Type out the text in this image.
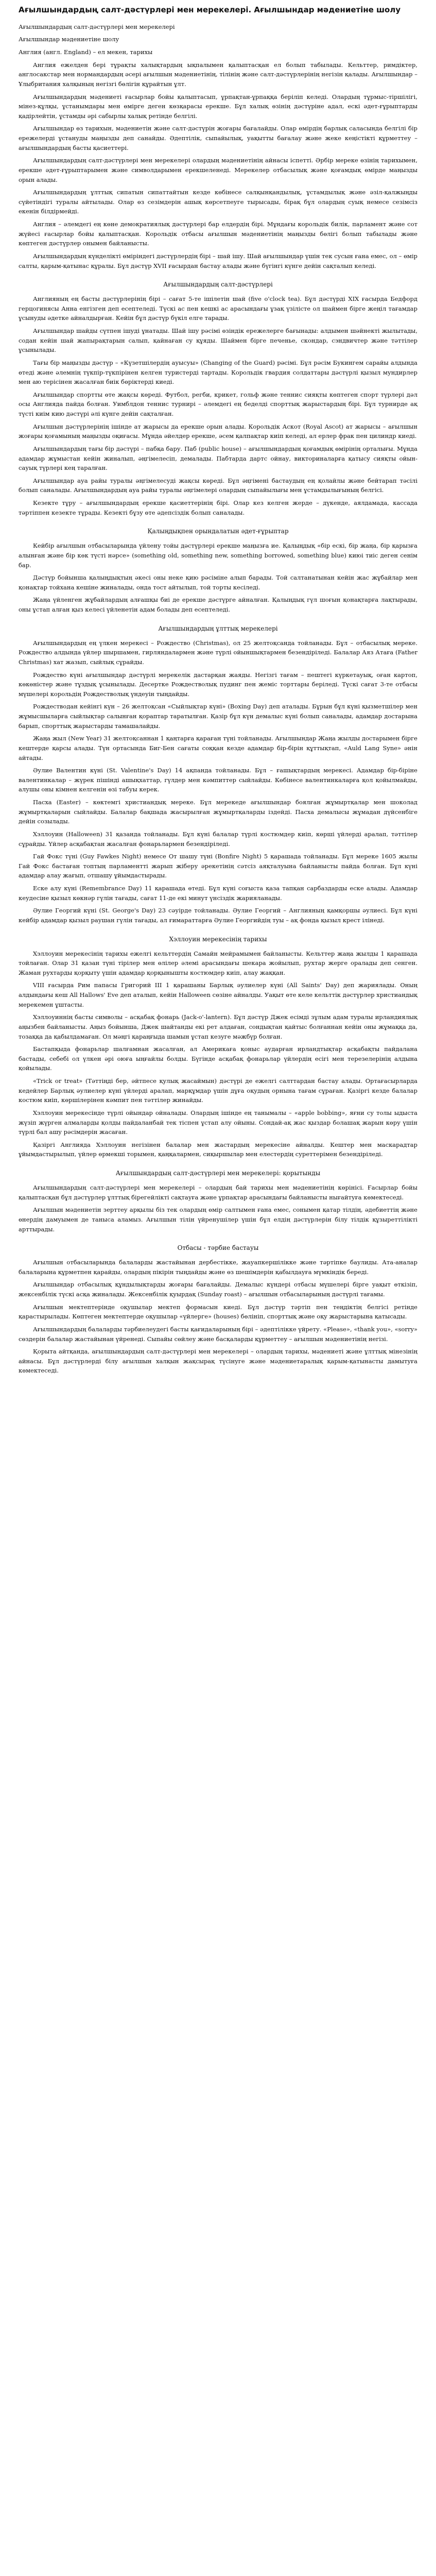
Ағылшындардың салт-дәстүрлері мен мерекелері. Ағылшындар мәдениетіне шолу

Ағылшындардың салт-дәстүрлері мен мерекелері

Ағылшындар мәдениетіне шолу

Англия (англ. England) – ел мекен, тарихы

Англия ежелден бері тұрақты халықтардың ықпалымен қалыптасқан ел болып табылады. Кельттер, римдіктер, англосакстар мен нормандардың әсері ағылшын мәдениетінің, тілінің және салт-дәстүрлерінің негізін қалады. Ағылшындар – Ұлыбритания халқының негізгі бөлігін құрайтын ұлт.

Ағылшындардың мәдениеті ғасырлар бойы қалыптасып, ұрпақтан-ұрпаққа беріліп келеді. Олардың тұрмыс-тіршілігі, мінез-құлқы, ұстанымдары мен өмірге деген көзқарасы ерекше. Бұл халық өзінің дәстүріне адал, ескі әдет-ғұрыптарды қадірлейтін, ұстамды әрі сабырлы халық ретінде белгілі.

Ағылшындар өз тарихын, мәдениетін және салт-дәстүрін жоғары бағалайды. Олар өмірдің барлық саласында белгілі бір ережелерді ұстануды маңызды деп санайды. Әдептілік, сыпайылық, уақытты бағалау және жеке кеңістікті құрметтеу – ағылшындардың басты қасиеттері.

Ағылшындардың салт-дәстүрлері мен мерекелері олардың мәдениетінің айнасы іспетті. Әрбір мереке өзінің тарихымен, ерекше әдет-ғұрыптарымен және символдарымен ерекшеленеді. Мерекелер отбасылық және қоғамдық өмірде маңызды орын алады.

Ағылшындардың ұлттық сипатын сипаттайтын кезде көбінесе салқынқандылық, ұстамдылық және әзіл-қалжыңды сүйетіндігі туралы айтылады. Олар өз сезімдерін ашық көрсетпеуге тырысады, бірақ бұл олардың суық немесе сезімсіз екенін білдірмейді.

Англия – әлемдегі ең көне демократиялық дәстүрлері бар елдердің бірі. Мұндағы корольдік билік, парламент және сот жүйесі ғасырлар бойы қалыптасқан. Корольдік отбасы ағылшын мәдениетінің маңызды бөлігі болып табылады және көптеген дәстүрлер онымен байланысты.

Ағылшындардың күнделікті өміріндегі дәстүрлердің бірі – шай ішу. Шай ағылшындар үшін тек сусын ғана емес, ол – өмір салты, қарым-қатынас құралы. Бұл дәстүр XVII ғасырдан бастау алады және бүгінгі күнге дейін сақталып келеді.

Ағылшындардың салт-дәстүрлері

Англияның ең басты дәстүрлерінің бірі – сағат 5-те ішілетін шай (five o'clock tea). Бұл дәстүрді XIX ғасырда Бедфорд герцогинясы Анна енгізген деп есептеледі. Түскі ас пен кешкі ас арасындағы ұзақ үзілісте ол шаймен бірге жеңіл тағамдар ұсынуды әдетке айналдырған. Кейін бұл дәстүр бүкіл елге тарады.

Ағылшындар шайды сүтпен ішуді ұнатады. Шай ішу рәсімі өзіндік ережелерге бағынады: алдымен шәйнекті жылытады, содан кейін шай жапырақтарын салып, қайнаған су құяды. Шаймен бірге печенье, скондар, сэндвичтер және тәттілер ұсынылады.

Тағы бір маңызды дәстүр – «Күзетшілердің ауысуы» (Changing of the Guard) рәсімі. Бұл рәсім Букингем сарайы алдында өтеді және әлемнің түкпір-түкпірінен келген туристерді тартады. Корольдік гвардия солдаттары дәстүрлі қызыл мундирлер мен аю терісінен жасалған биік бөріктерді киеді.

Ағылшындар спортты өте жақсы көреді. Футбол, регби, крикет, гольф және теннис сияқты көптеген спорт түрлері дәл осы Англияда пайда болған. Уимблдон теннис турнирі – әлемдегі ең беделді спорттық жарыстардың бірі. Бұл турнирде ақ түсті киім кию дәстүрі әлі күнге дейін сақталған.

Ағылшын дәстүрлерінің ішінде ат жарысы да ерекше орын алады. Корольдік Аскот (Royal Ascot) ат жарысы – ағылшын жоғары қоғамының маңызды оқиғасы. Мұнда әйелдер ерекше, әсем қалпақтар киіп келеді, ал ерлер фрак пен цилиндр киеді.

Ағылшындардың тағы бір дәстүрі – пабқа бару. Паб (public house) – ағылшындардың қоғамдық өмірінің орталығы. Мұнда адамдар жұмыстан кейін жиналып, әңгімелесіп, демалады. Пабтарда дартс ойнау, викториналарға қатысу сияқты ойын-сауық түрлері кең таралған.

Ағылшындар ауа райы туралы әңгімелесуді жақсы көреді. Бұл әңгімені бастаудың ең қолайлы және бейтарап тәсілі болып саналады. Ағылшындардың ауа райы туралы әңгімелері олардың сыпайылығы мен ұстамдылығының белгісі.

Кезекте тұру – ағылшындардың ерекше қасиеттерінің бірі. Олар кез келген жерде – дүкенде, аялдамада, кассада тәртіппен кезекте тұрады. Кезекті бұзу өте әдепсіздік болып саналады.

Қалыңдықпен орындалатын әдет-ғұрыптар

Кейбір ағылшын отбасыларында үйлену тойы дәстүрлері ерекше маңызға ие. Қалыңдық «бір ескі, бір жаңа, бір қарызға алынған және бір көк түсті нәрсе» (something old, something new, something borrowed, something blue) киюі тиіс деген сенім бар.

Дәстүр бойынша қалыңдықтың әкесі оны неке қию рәсіміне алып барады. Той салтанатынан кейін жас жұбайлар мен қонақтар тойхана кешіне жиналады, онда тост айтылып, той торты кесіледі.

Жаңа үйленген жұбайлардың алғашқы биі де ерекше дәстүрге айналған. Қалыңдық гүл шоғын қонақтарға лақтырады, оны ұстап алған қыз келесі үйленетін адам болады деп есептеледі.

Ағылшындардың ұлттық мерекелері

Ағылшындардың ең үлкен мерекесі – Рождество (Christmas), ол 25 желтоқсанда тойланады. Бұл – отбасылық мереке. Рождество алдында үйлер шыршамен, гирляндалармен және түрлі ойыншықтармен безендіріледі. Балалар Аяз Атаға (Father Christmas) хат жазып, сыйлық сұрайды.

Рождество күні ағылшындар дәстүрлі мерекелік дастарқан жаяды. Негізгі тағам – пештегі күркетауық, оған картоп, көкөністер және тұздық ұсынылады. Десертке Рождестволық пудинг пен жеміс торттары беріледі. Түскі сағат 3-те отбасы мүшелері корольдің Рождестволық үндеуін тыңдайды.

Рождестводан кейінгі күн – 26 желтоқсан «Сыйлықтар күні» (Boxing Day) деп аталады. Бұрын бұл күні қызметшілер мен жұмысшыларға сыйлықтар салынған қораптар таратылған. Қазір бұл күн демалыс күні болып саналады, адамдар достарына барып, спорттық жарыстарды тамашалайды.

Жаңа жыл (New Year) 31 желтоқсаннан 1 қаңтарға қараған түні тойланады. Ағылшындар Жаңа жылды достарымен бірге кештерде қарсы алады. Түн ортасында Биг-Бен сағаты соққан кезде адамдар бір-бірін құттықтап, «Auld Lang Syne» әнін айтады.

Әулие Валентин күні (St. Valentine's Day) 14 ақпанда тойланады. Бұл – ғашықтардың мерекесі. Адамдар бір-біріне валентинкалар – жүрек пішінді ашықхаттар, гүлдер мен кәмпиттер сыйлайды. Көбінесе валентинкаларға қол қойылмайды, алушы оны кімнен келгенін өзі табуы керек.

Пасха (Easter) – көктемгі христиандық мереке. Бұл мерекеде ағылшындар боялған жұмыртқалар мен шоколад жұмыртқаларын сыйлайды. Балалар бақшада жасырылған жұмыртқаларды іздейді. Пасха демалысы жұмадан дүйсенбіге дейін созылады.

Хэллоуин (Halloween) 31 қазанда тойланады. Бұл күні балалар түрлі костюмдер киіп, көрші үйлерді аралап, тәттілер сұрайды. Үйлер асқабақтан жасалған фонарьлармен безендіріледі.

Гай Фокс түні (Guy Fawkes Night) немесе От шашу түні (Bonfire Night) 5 қарашада тойланады. Бұл мереке 1605 жылы Гай Фокс бастаған топтың парламентті жарып жіберу әрекетінің сәтсіз аяқталуына байланысты пайда болған. Бұл күні адамдар алау жағып, отшашу ұйымдастырады.

Еске алу күні (Remembrance Day) 11 қарашада өтеді. Бұл күні соғыста қаза тапқан сарбаздарды еске алады. Адамдар кеудесіне қызыл көкнәр гүлін тағады, сағат 11-де екі минут үнсіздік жарияланады.

Әулие Георгий күні (St. George's Day) 23 сәуірде тойланады. Әулие Георгий – Англияның қамқоршы әулиесі. Бұл күні кейбір адамдар қызыл раушан гүлін тағады, ал ғимараттарға Әулие Георгийдің туы – ақ фонда қызыл крест ілінеді.

Хэллоуин мерекесінің тарихы

Хэллоуин мерекесінің тарихы ежелгі кельттердің Самайн мейрамымен байланысты. Кельттер жаңа жылды 1 қарашада тойлаған. Олар 31 қазан түні тірілер мен өлілер әлемі арасындағы шекара жойылып, рухтар жерге оралады деп сенген. Жаман рухтарды қорқыту үшін адамдар қорқынышты костюмдер киіп, алау жаққан.

VIII ғасырда Рим папасы Григорий III 1 қарашаны Барлық әулиелер күні (All Saints' Day) деп жариялады. Оның алдындағы кеш All Hallows' Eve деп аталып, кейін Halloween сөзіне айналды. Уақыт өте келе кельттік дәстүрлер христиандық мерекемен ұштасты.

Хэллоуиннің басты символы – асқабақ фонарь (Jack-o'-lantern). Бұл дәстүр Джек есімді зұлым адам туралы ирландиялық аңызбен байланысты. Аңыз бойынша, Джек шайтанды екі рет алдаған, сондықтан қайтыс болғаннан кейін оны жұмаққа да, тозаққа да қабылдамаған. Ол мәңгі қараңғыда шамын ұстап кезуге мәжбүр болған.

Бастапқыда фонарьлар шалғамнан жасалған, ал Америкаға қоныс аударған ирландтықтар асқабақты пайдалана бастады, себебі ол үлкен әрі оюға ыңғайлы болды. Бүгінде асқабақ фонарьлар үйлердің есігі мен терезелерінің алдына қойылады.

«Trick or treat» (Тәттіңді бер, әйтпесе қулық жасаймын) дәстүрі де ежелгі салттардан бастау алады. Ортағасырларда кедейлер Барлық әулиелер күні үйлерді аралап, марқұмдар үшін дұға оқудың орнына тағам сұраған. Қазіргі кезде балалар костюм киіп, көршілерінен кәмпит пен тәттілер жинайды.

Хэллоуин мерекесінде түрлі ойындар ойналады. Олардың ішінде ең танымалы – «apple bobbing», яғни су толы ыдыста жүзіп жүрген алмаларды қолды пайдаланбай тек тіспен ұстап алу ойыны. Сондай-ақ жас қыздар болашақ жарын көру үшін түрлі бал ашу рәсімдерін жасаған.

Қазіргі Англияда Хэллоуин негізінен балалар мен жастардың мерекесіне айналды. Кештер мен маскарадтар ұйымдастырылып, үйлер өрмекші торымен, қаңқалармен, сиқыршылар мен елестердің суреттерімен безендіріледі.

Ағылшындардың салт-дәстүрлері мен мерекелері: қорытынды

Ағылшындардың салт-дәстүрлері мен мерекелері – олардың бай тарихы мен мәдениетінің көрінісі. Ғасырлар бойы қалыптасқан бұл дәстүрлер ұлттық бірегейлікті сақтауға және ұрпақтар арасындағы байланысты нығайтуға көмектеседі.

Ағылшын мәдениетін зерттеу арқылы біз тек олардың өмір салтымен ғана емес, сонымен қатар тілдің, әдебиеттің және өнердің дамуымен де таныса аламыз. Ағылшын тілін үйренушілер үшін бұл елдің дәстүрлерін білу тілдік құзыреттілікті арттырады.

Отбасы - тәрбие бастауы

Ағылшын отбасыларында балаларды жастайынан дербестікке, жауапкершілікке және тәртіпке баулиды. Ата-аналар балаларына құрметпен қарайды, олардың пікірін тыңдайды және өз шешімдерін қабылдауға мүмкіндік береді.

Ағылшындар отбасылық құндылықтарды жоғары бағалайды. Демалыс күндері отбасы мүшелері бірге уақыт өткізіп, жексенбілік түскі асқа жиналады. Жексенбілік қуырдақ (Sunday roast) – ағылшын отбасыларының дәстүрлі тағамы.

Ағылшын мектептерінде оқушылар мектеп формасын киеді. Бұл дәстүр тәртіп пен теңдіктің белгісі ретінде қарастырылады. Көптеген мектептерде оқушылар «үйлерге» (houses) бөлініп, спорттық және оқу жарыстарына қатысады.

Ағылшындардың балаларды тәрбиелеудегі басты қағидаларының бірі – әдептілікке үйрету. «Please», «thank you», «sorry» сөздерін балалар жастайынан үйренеді. Сыпайы сөйлеу және басқаларды құрметтеу – ағылшын мәдениетінің негізі.

Қорыта айтқанда, ағылшындардың салт-дәстүрлері мен мерекелері – олардың тарихы, мәдениеті және ұлттық мінезінің айнасы. Бұл дәстүрлерді білу ағылшын халқын жақсырақ түсінуге және мәдениетаралық қарым-қатынасты дамытуға көмектеседі.
